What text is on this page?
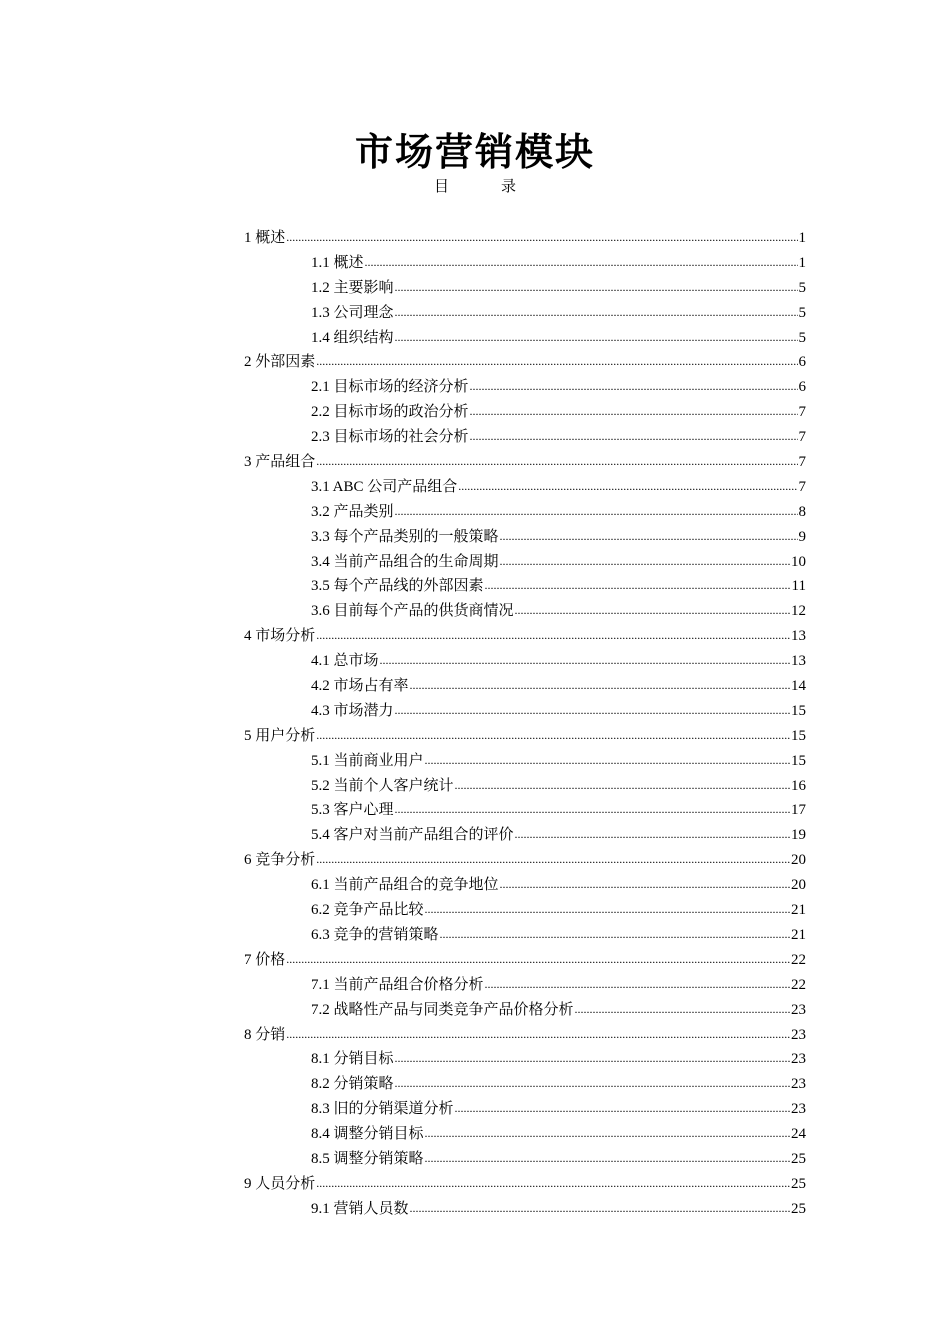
市场营销模块
目	录
1 概述 .....	1
1.1 概述 .....	1
1.2 主要影响 .....	5
1.3 公司理念 .....	5
1.4 组织结构 .....	5
2 外部因素 .....	6
2.1 目标市场的经济分析 .....	6
2.2 目标市场的政治分析 .....	7
2.3 目标市场的社会分析 .....	7
3 产品组合 .....	7
3.1 ABC 公司产品组合 .....	7
3.2 产品类别 .....	8
3.3 每个产品类别的一般策略 .....	9
3.4 当前产品组合的生命周期 .....	10
3.5 每个产品线的外部因素 .....	11
3.6 目前每个产品的供货商情况 .....	12
4 市场分析 .....	13
4.1 总市场 .....	13
4.2 市场占有率 .....	14
4.3 市场潜力 .....	15
5 用户分析 .....	15
5.1 当前商业用户 .....	15
5.2 当前个人客户统计 .....	16
5.3 客户心理 .....	17
5.4 客户对当前产品组合的评价 .....	19
6 竞争分析 .....	20
6.1 当前产品组合的竞争地位 .....	20
6.2 竞争产品比较 .....	21
6.3 竞争的营销策略 .....	21
7 价格 .....	22
7.1 当前产品组合价格分析 .....	22
7.2 战略性产品与同类竞争产品价格分析 .....	23
8 分销 .....	23
8.1 分销目标 .....	23
8.2 分销策略 .....	23
8.3 旧的分销渠道分析 .....	23
8.4 调整分销目标 .....	24
8.5 调整分销策略 .....	25
9 人员分析 .....	25
9.1 营销人员数 .....	25
